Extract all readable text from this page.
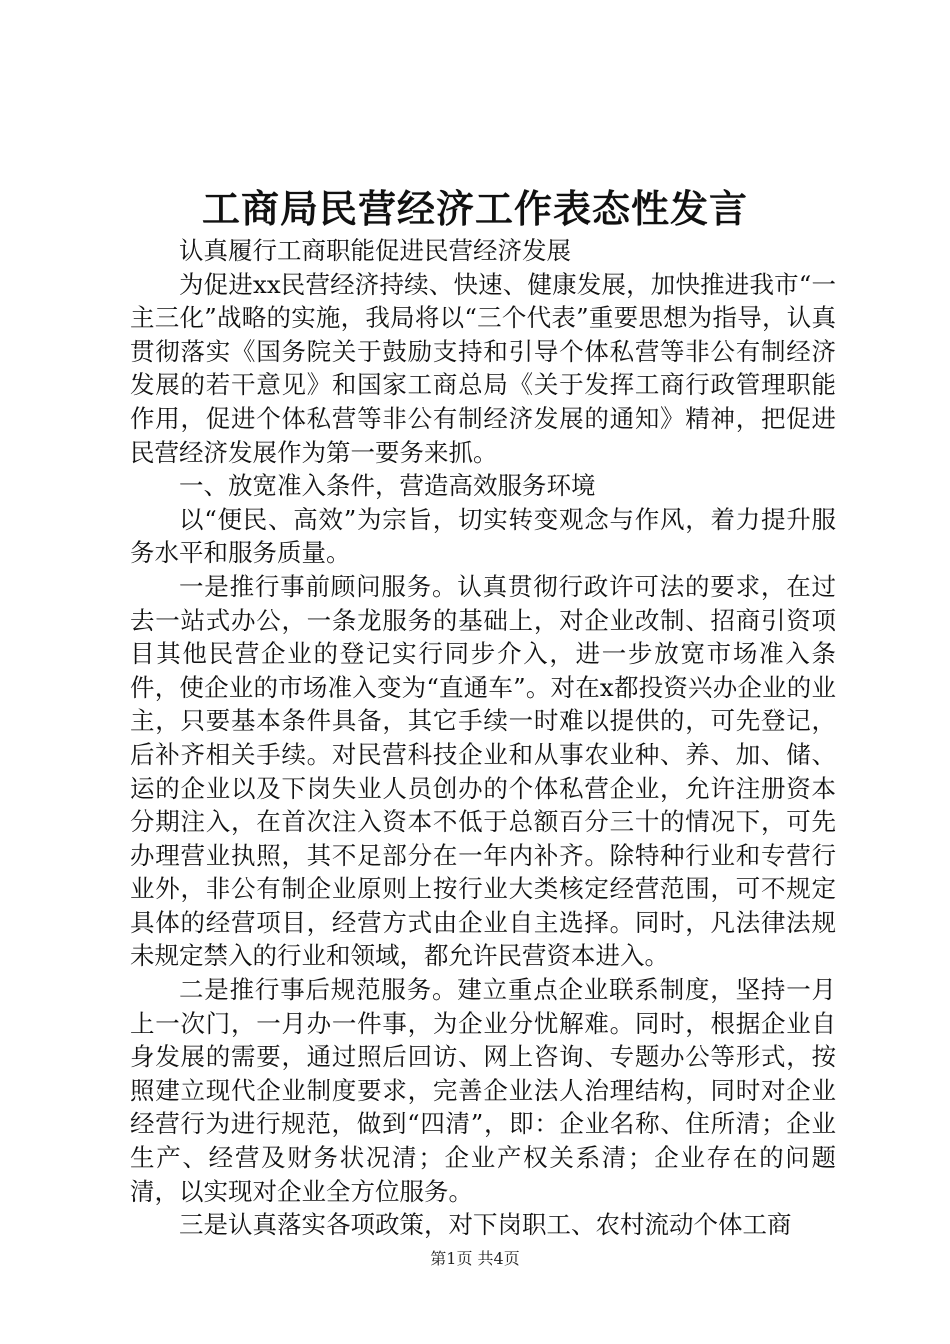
工商局民营经济工作表态性发言

认真履行工商职能促进民营经济发展

为促进xx民营经济持续、快速、健康发展，加快推进我市“一主三化”战略的实施，我局将以“三个代表”重要思想为指导，认真贯彻落实《国务院关于鼓励支持和引导个体私营等非公有制经济发展的若干意见》和国家工商总局《关于发挥工商行政管理职能作用，促进个体私营等非公有制经济发展的通知》精神，把促进民营经济发展作为第一要务来抓。

一、放宽准入条件，营造高效服务环境

以“便民、高效”为宗旨，切实转变观念与作风，着力提升服务水平和服务质量。

一是推行事前顾问服务。认真贯彻行政许可法的要求，在过去一站式办公，一条龙服务的基础上，对企业改制、招商引资项目其他民营企业的登记实行同步介入，进一步放宽市场准入条件，使企业的市场准入变为“直通车”。对在x都投资兴办企业的业主，只要基本条件具备，其它手续一时难以提供的，可先登记，后补齐相关手续。对民营科技企业和从事农业种、养、加、储、运的企业以及下岗失业人员创办的个体私营企业，允许注册资本分期注入，在首次注入资本不低于总额百分三十的情况下，可先办理营业执照，其不足部分在一年内补齐。除特种行业和专营行业外，非公有制企业原则上按行业大类核定经营范围，可不规定具体的经营项目，经营方式由企业自主选择。同时，凡法律法规未规定禁入的行业和领域，都允许民营资本进入。

二是推行事后规范服务。建立重点企业联系制度，坚持一月上一次门，一月办一件事，为企业分忧解难。同时，根据企业自身发展的需要，通过照后回访、网上咨询、专题办公等形式，按照建立现代企业制度要求，完善企业法人治理结构，同时对企业经营行为进行规范，做到“四清”，即：企业名称、住所清；企业生产、经营及财务状况清；企业产权关系清；企业存在的问题清，以实现对企业全方位服务。

三是认真落实各项政策，对下岗职工、农村流动个体工商

第1页 共4页
